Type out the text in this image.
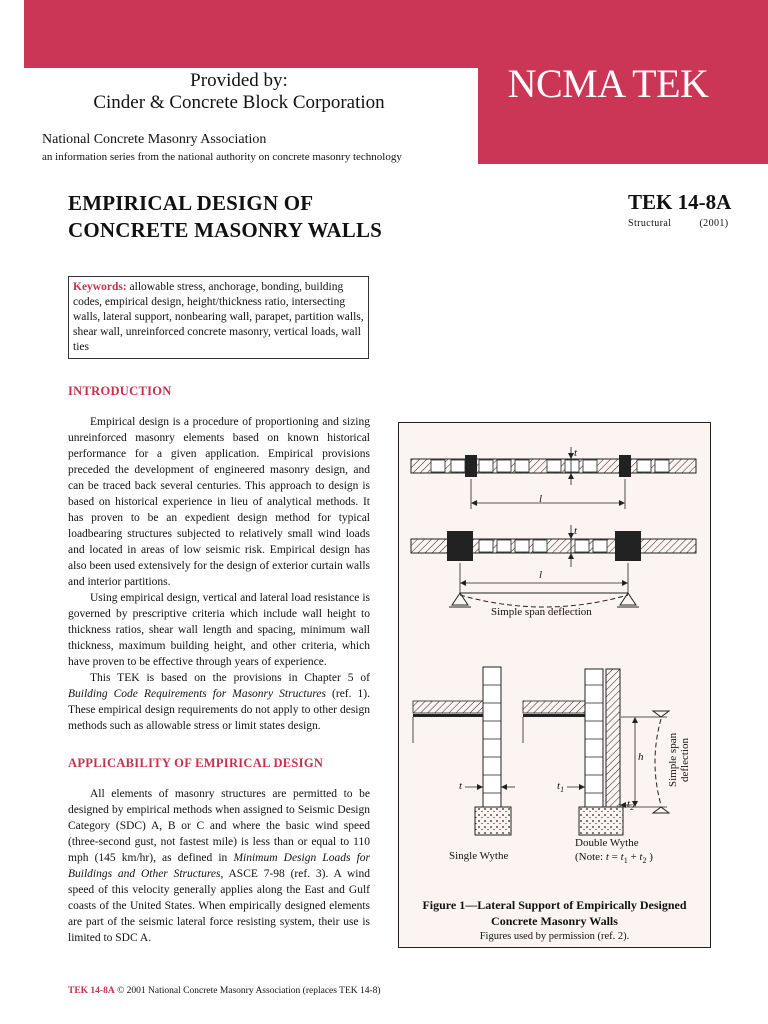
NCMA TEK
Provided by:
Cinder & Concrete Block Corporation
National Concrete Masonry Association
an information series from the national authority on concrete masonry technology
EMPIRICAL DESIGN OF
CONCRETE MASONRY WALLS
TEK 14-8A
Structural	(2001)
Keywords: allowable stress, anchorage, bonding, building codes, empirical design, height/thickness ratio, intersecting walls, lateral support, nonbearing wall, parapet, partition walls, shear wall, unreinforced concrete masonry, vertical loads, wall ties
INTRODUCTION

Empirical design is a procedure of proportioning and sizing unreinforced masonry elements based on known historical performance for a given application. Empirical provisions preceded the development of engineered masonry design, and can be traced back several centuries. This approach to design is based on historical experience in lieu of analytical methods. It has proven to be an expedient design method for typical loadbearing structures subjected to relatively small wind loads and located in areas of low seismic risk. Empirical design has also been used extensively for the design of exterior curtain walls and interior partitions.

Using empirical design, vertical and lateral load resistance is governed by prescriptive criteria which include wall height to thickness ratios, shear wall length and spacing, minimum wall thickness, maximum building height, and other criteria, which have proven to be effective through years of experience.

This TEK is based on the provisions in Chapter 5 of Building Code Requirements for Masonry Structures (ref. 1). These empirical design requirements do not apply to other design methods such as allowable stress or limit states design.

APPLICABILITY OF EMPIRICAL DESIGN

All elements of masonry structures are permitted to be designed by empirical methods when assigned to Seismic Design Category (SDC) A, B or C and where the basic wind speed (three-second gust, not fastest mile) is less than or equal to 110 mph (145 km/hr), as defined in Minimum Design Loads for Buildings and Other Structures, ASCE 7-98 (ref. 3). A wind speed of this velocity generally applies along the East and Gulf coasts of the United States. When empirically designed elements are part of the seismic lateral force resisting system, their use is limited to SDC A.

t
l
t
l
Simple span deflection
t	$t_1$
$t_2$
h Simple span deflection
Single Wythe
Double Wythe
(Note: $t = t_1 + t_2$ )
Figure 1—Lateral Support of Empirically Designed
Concrete Masonry Walls
Figures used by permission (ref. 2).
TEK 14-8A © 2001 National Concrete Masonry Association (replaces TEK 14-8)
